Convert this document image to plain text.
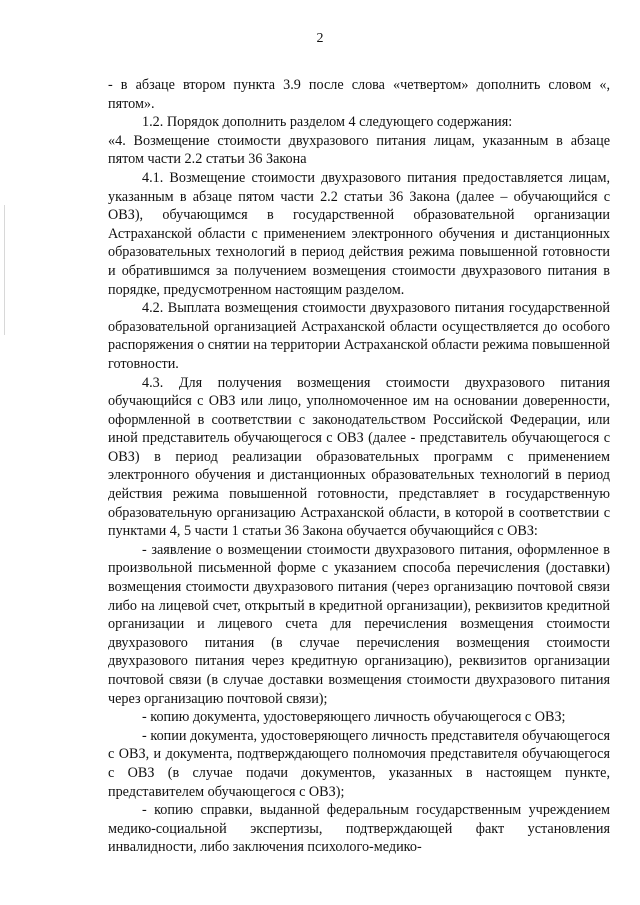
2

- в абзаце втором пункта 3.9 после слова «четвертом» дополнить словом «, пятом».

1.2. Порядок дополнить разделом 4 следующего содержания:

«4. Возмещение стоимости двухразового питания лицам, указанным в абзаце пятом части 2.2 статьи 36 Закона

4.1. Возмещение стоимости двухразового питания предоставляется лицам, указанным в абзаце пятом части 2.2 статьи 36 Закона (далее – обучающийся с ОВЗ), обучающимся в государственной образовательной организации Астраханской области с применением электронного обучения и дистанционных образовательных технологий в период действия режима повышенной готовности и обратившимся за получением возмещения стоимости двухразового питания в порядке, предусмотренном настоящим разделом.

4.2. Выплата возмещения стоимости двухразового питания государственной образовательной организацией Астраханской области осуществляется до особого распоряжения о снятии на территории Астраханской области режима повышенной готовности.

4.3. Для получения возмещения стоимости двухразового питания обучающийся с ОВЗ или лицо, уполномоченное им на основании доверенности, оформленной в соответствии с законодательством Российской Федерации, или иной представитель обучающегося с ОВЗ (далее - представитель обучающегося с ОВЗ) в период реализации образовательных программ с применением электронного обучения и дистанционных образовательных технологий в период действия режима повышенной готовности, представляет в государственную образовательную организацию Астраханской области, в которой в соответствии с пунктами 4, 5 части 1 статьи 36 Закона обучается обучающийся с ОВЗ:

- заявление о возмещении стоимости двухразового питания, оформленное в произвольной письменной форме с указанием способа перечисления (доставки) возмещения стоимости двухразового питания (через организацию почтовой связи либо на лицевой счет, открытый в кредитной организации), реквизитов кредитной организации и лицевого счета для перечисления возмещения стоимости двухразового питания (в случае перечисления возмещения стоимости двухразового питания через кредитную организацию), реквизитов организации почтовой связи (в случае доставки возмещения стоимости двухразового питания через организацию почтовой связи);

- копию документа, удостоверяющего личность обучающегося с ОВЗ;

- копии документа, удостоверяющего личность представителя обучающегося с ОВЗ, и документа, подтверждающего полномочия представителя обучающегося с ОВЗ (в случае подачи документов, указанных в настоящем пункте, представителем обучающегося с ОВЗ);

- копию справки, выданной федеральным государственным учреждением медико-социальной экспертизы, подтверждающей факт установления инвалидности, либо заключения психолого-медико-
